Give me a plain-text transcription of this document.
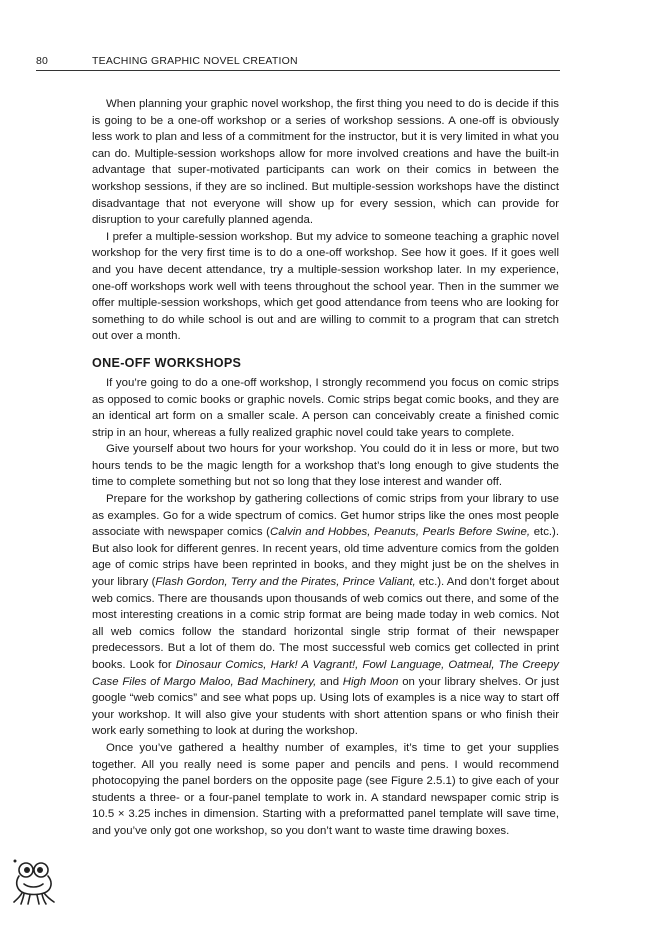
80	TEACHING GRAPHIC NOVEL CREATION

When planning your graphic novel workshop, the first thing you need to do is decide if this is going to be a one-off workshop or a series of workshop sessions. A one-off is obviously less work to plan and less of a commitment for the instructor, but it is very limited in what you can do. Multiple-session workshops allow for more involved creations and have the built-in advantage that super-motivated participants can work on their comics in between the workshop sessions, if they are so inclined. But multiple-session workshops have the distinct disadvantage that not everyone will show up for every session, which can provide for disruption to your carefully planned agenda.

I prefer a multiple-session workshop. But my advice to someone teaching a graphic novel workshop for the very first time is to do a one-off workshop. See how it goes. If it goes well and you have decent attendance, try a multiple-session workshop later. In my experience, one-off workshops work well with teens throughout the school year. Then in the summer we offer multiple-session workshops, which get good attendance from teens who are looking for something to do while school is out and are willing to commit to a program that can stretch out over a month.

ONE-OFF WORKSHOPS

If you’re going to do a one-off workshop, I strongly recommend you focus on comic strips as opposed to comic books or graphic novels. Comic strips begat comic books, and they are an identical art form on a smaller scale. A person can conceivably create a finished comic strip in an hour, whereas a fully realized graphic novel could take years to complete.

Give yourself about two hours for your workshop. You could do it in less or more, but two hours tends to be the magic length for a workshop that’s long enough to give students the time to complete something but not so long that they lose interest and wander off.

Prepare for the workshop by gathering collections of comic strips from your library to use as examples. Go for a wide spectrum of comics. Get humor strips like the ones most people associate with newspaper comics (Calvin and Hobbes, Peanuts, Pearls Before Swine, etc.). But also look for different genres. In recent years, old time adventure comics from the golden age of comic strips have been reprinted in books, and they might just be on the shelves in your library (Flash Gordon, Terry and the Pirates, Prince Valiant, etc.). And don’t forget about web comics. There are thousands upon thousands of web comics out there, and some of the most interesting creations in a comic strip format are being made today in web comics. Not all web comics follow the standard horizontal single strip format of their newspaper predecessors. But a lot of them do. The most successful web comics get collected in print books. Look for Dinosaur Comics, Hark! A Vagrant!, Fowl Language, Oatmeal, The Creepy Case Files of Margo Maloo, Bad Machinery, and High Moon on your library shelves. Or just google “web comics” and see what pops up. Using lots of examples is a nice way to start off your workshop. It will also give your students with short attention spans or who finish their work early something to look at during the workshop.

Once you’ve gathered a healthy number of examples, it’s time to get your supplies together. All you really need is some paper and pencils and pens. I would recommend photocopying the panel borders on the opposite page (see Figure 2.5.1) to give each of your students a three- or a four-panel template to work in. A standard newspaper comic strip is 10.5 × 3.25 inches in dimension. Starting with a preformatted panel template will save time, and you’ve only got one workshop, so you don’t want to waste time drawing boxes.
